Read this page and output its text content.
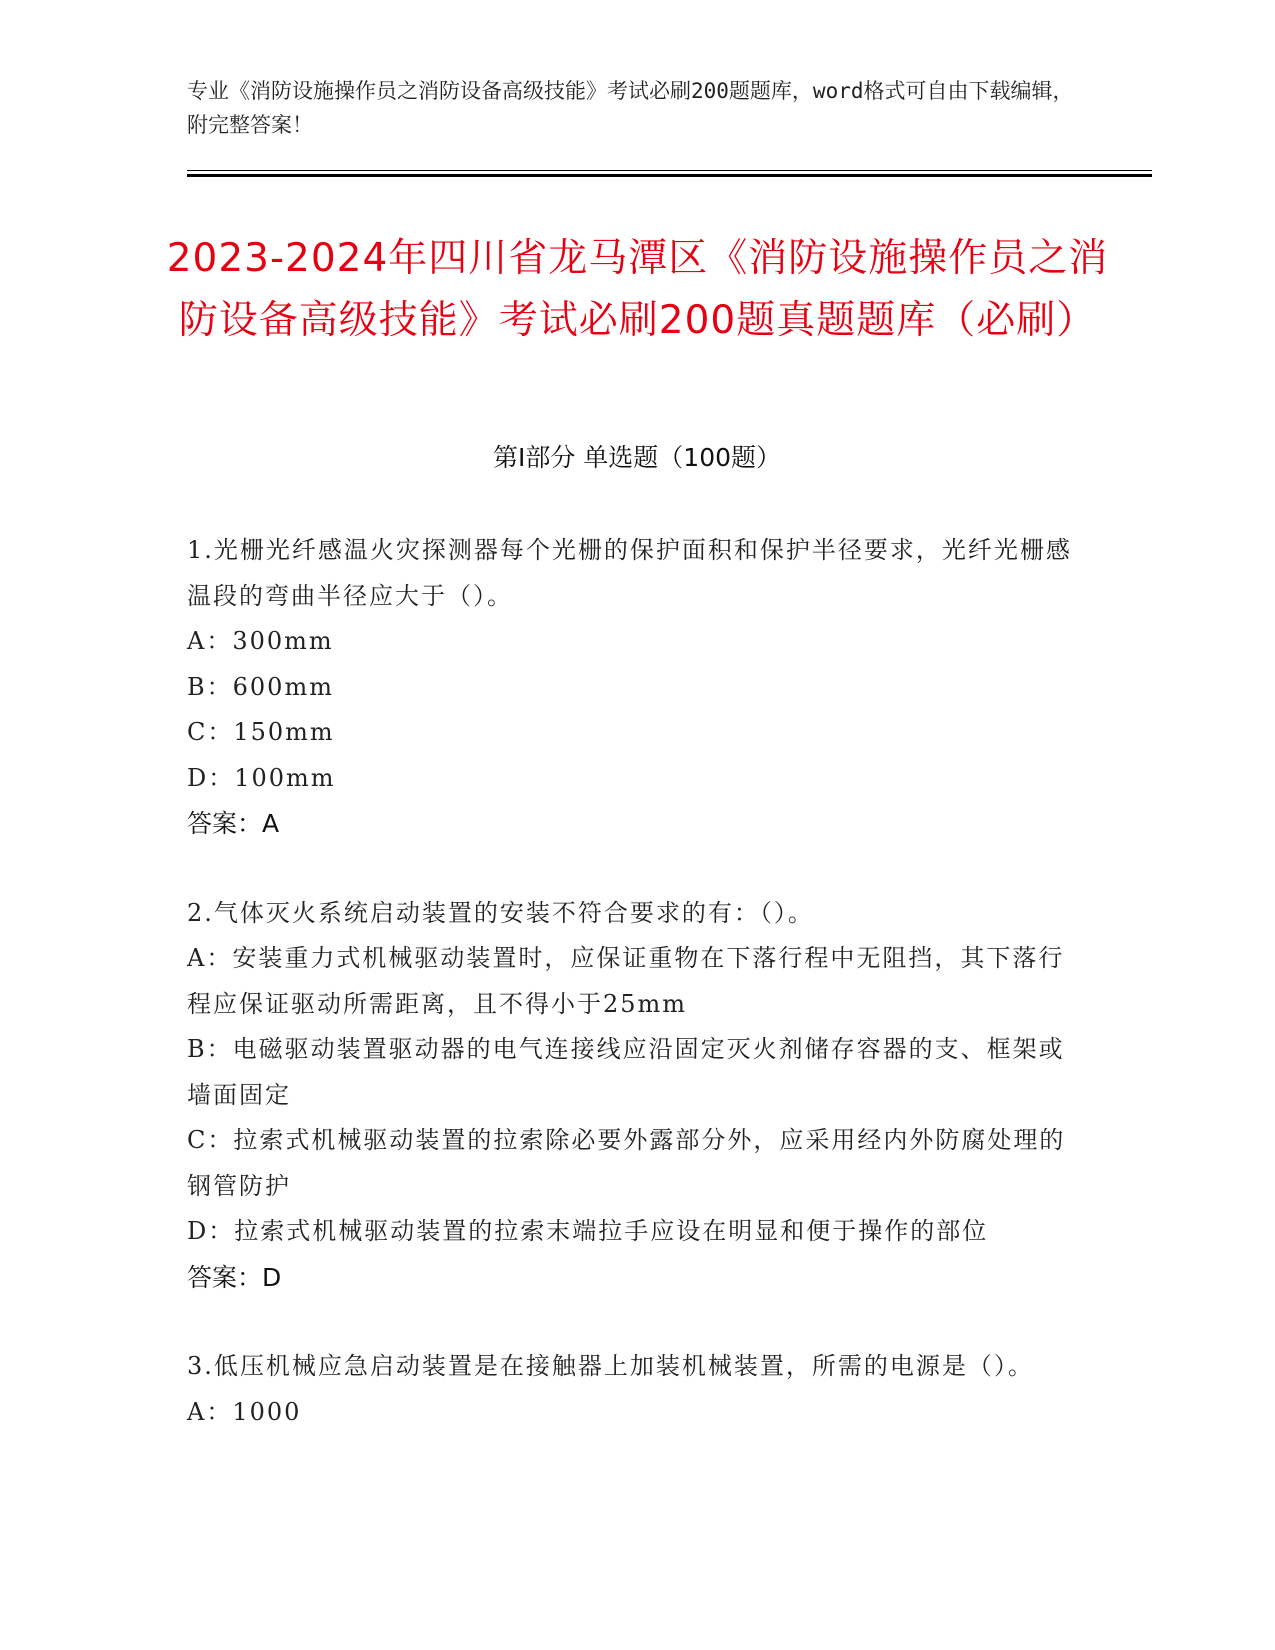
专业《消防设施操作员之消防设备高级技能》考试必刷200题题库，word格式可自由下载编辑，附完整答案！

2023-2024年四川省龙马潭区《消防设施操作员之消防设备高级技能》考试必刷200题真题题库（必刷）
第I部分 单选题（100题）

1.光栅光纤感温火灾探测器每个光栅的保护面积和保护半径要求，光纤光栅感温段的弯曲半径应大于（）。

A：300mm

B：600mm

C：150mm

D：100mm

答案：A

2.气体灭火系统启动装置的安装不符合要求的有：（）。

A：安装重力式机械驱动装置时，应保证重物在下落行程中无阻挡，其下落行程应保证驱动所需距离，且不得小于25mm

B：电磁驱动装置驱动器的电气连接线应沿固定灭火剂储存容器的支、框架或墙面固定

C：拉索式机械驱动装置的拉索除必要外露部分外，应采用经内外防腐处理的钢管防护

D：拉索式机械驱动装置的拉索末端拉手应设在明显和便于操作的部位

答案：D

3.低压机械应急启动装置是在接触器上加装机械装置，所需的电源是（）。

A：1000
